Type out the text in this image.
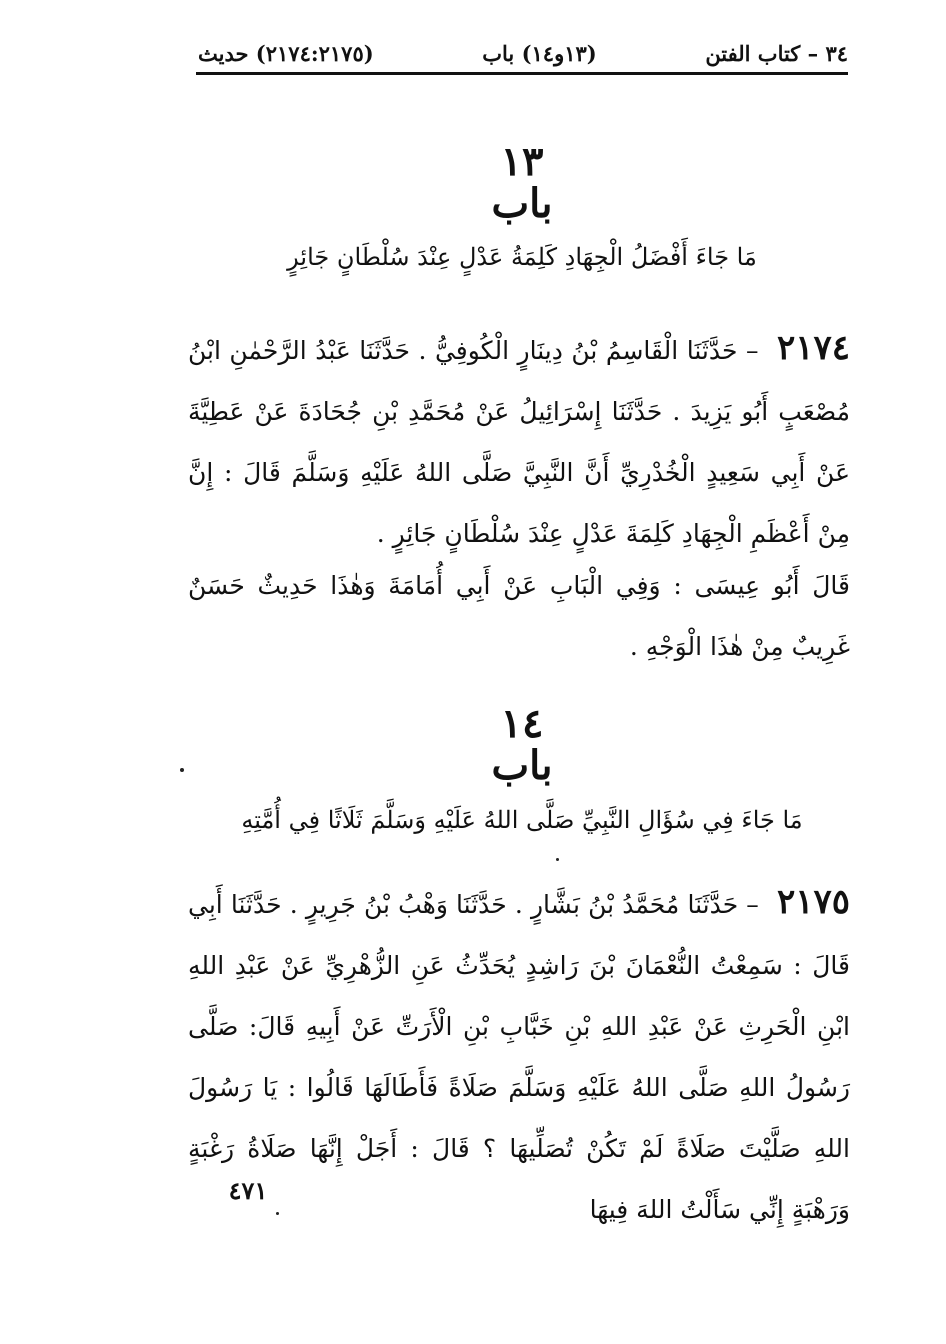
٣٤ – كتاب الفتن
(١٣و١٤) باب
(٢١٧٤:٢١٧٥) حديث
١٣
باب
مَا جَاءَ أَفْضَلُ الْجِهَادِ كَلِمَةُ عَدْلٍ عِنْدَ سُلْطَانٍ جَائِرٍ
٢١٧٤ – حَدَّثَنَا الْقَاسِمُ بْنُ دِينَارٍ الْكُوفِيُّ . حَدَّثَنَا عَبْدُ الرَّحْمٰنِ ابْنُ مُصْعَبٍ أَبُو يَزِيدَ . حَدَّثَنَا إِسْرَائِيلُ عَنْ مُحَمَّدِ بْنِ جُحَادَةَ عَنْ عَطِيَّةَ عَنْ أَبِي سَعِيدٍ الْخُدْرِيِّ أَنَّ النَّبِيَّ صَلَّى اللهُ عَلَيْهِ وَسَلَّمَ قَالَ : إِنَّ مِنْ أَعْظَمِ الْجِهَادِ كَلِمَةَ عَدْلٍ عِنْدَ سُلْطَانٍ جَائِرٍ .
قَالَ أَبُو عِيسَى : وَفِي الْبَابِ عَنْ أَبِي أُمَامَةَ وَهٰذَا حَدِيثٌ حَسَنٌ غَرِيبٌ مِنْ هٰذَا الْوَجْهِ .
١٤
باب
مَا جَاءَ فِي سُؤَالِ النَّبِيِّ صَلَّى اللهُ عَلَيْهِ وَسَلَّمَ ثَلَاثًا فِي أُمَّتِهِ
٢١٧٥ – حَدَّثَنَا مُحَمَّدُ بْنُ بَشَّارٍ . حَدَّثَنَا وَهْبُ بْنُ جَرِيرٍ . حَدَّثَنَا أَبِي قَالَ : سَمِعْتُ النُّعْمَانَ بْنَ رَاشِدٍ يُحَدِّثُ عَنِ الزُّهْرِيِّ عَنْ عَبْدِ اللهِ ابْنِ الْحَرِثِ عَنْ عَبْدِ اللهِ بْنِ خَبَّابِ بْنِ الْأَرَتِّ عَنْ أَبِيهِ قَالَ: صَلَّى رَسُولُ اللهِ صَلَّى اللهُ عَلَيْهِ وَسَلَّمَ صَلَاةً فَأَطَالَهَا قَالُوا : يَا رَسُولَ اللهِ صَلَّيْتَ صَلَاةً لَمْ تَكُنْ تُصَلِّيهَا ؟ قَالَ : أَجَلْ إِنَّهَا صَلَاةُ رَغْبَةٍ وَرَهْبَةٍ إِنِّي سَأَلْتُ اللهَ فِيهَا
٤٧١
